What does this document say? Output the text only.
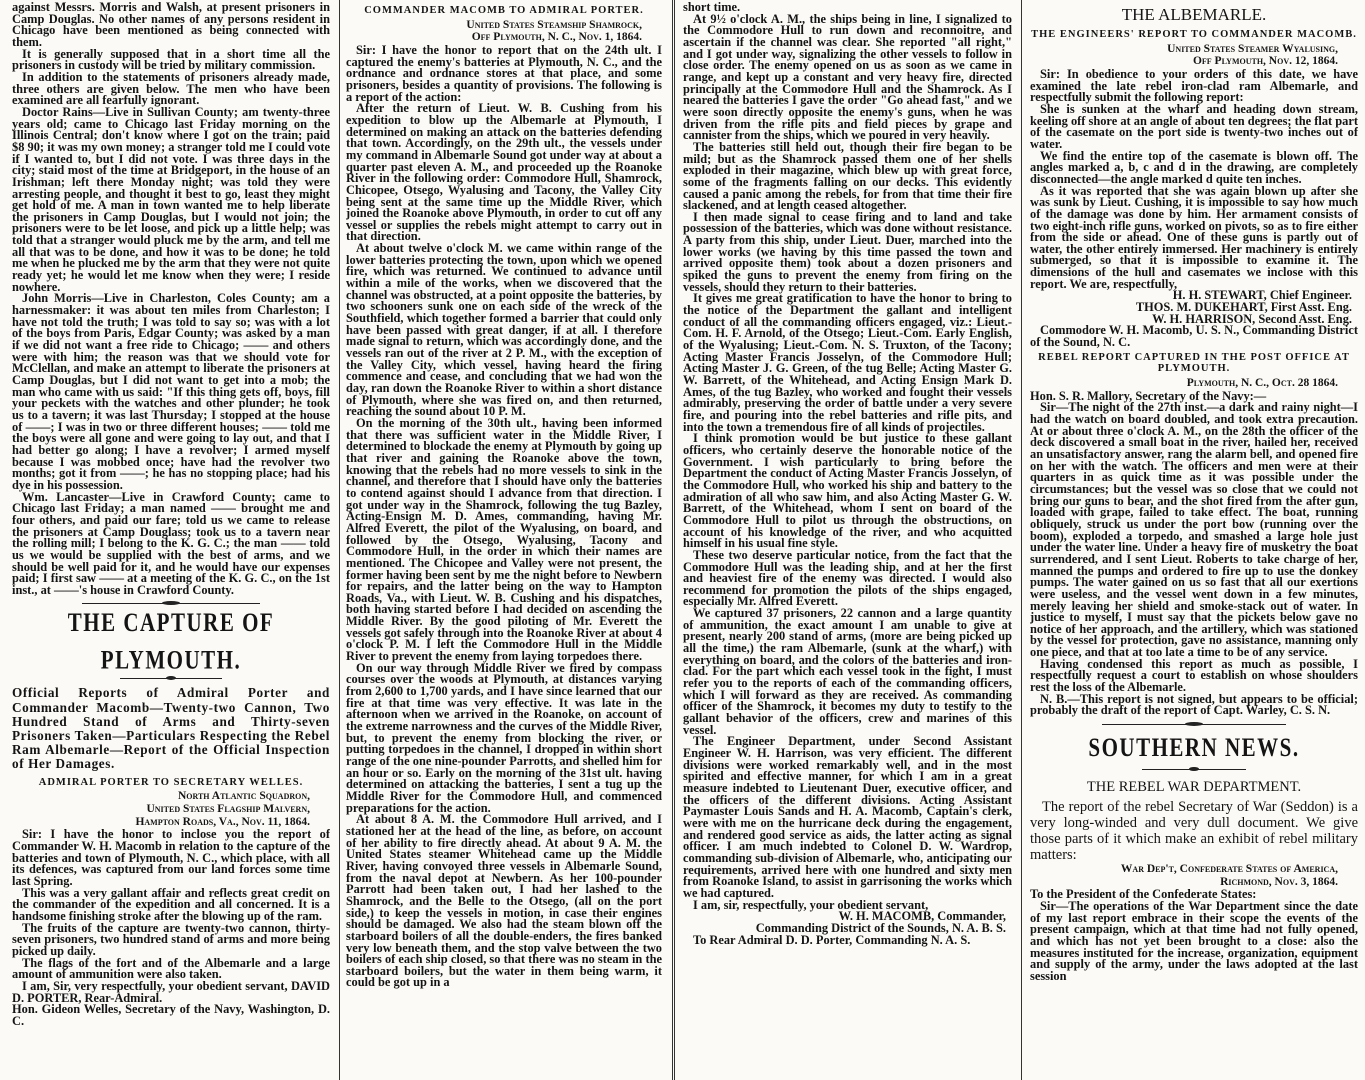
against Messrs. Morris and Walsh, at present prisoners in Camp Douglas. No other names of any persons resident in Chicago have been mentioned as being connected with them.
It is generally supposed that in a short time all the prisoners in custody will be tried by military commission.
In addition to the statements of prisoners already made, three others are given below. The men who have been examined are all fearfully ignorant.
Doctor Rains—Live in Sullivan County; am twenty-three years old; came to Chicago last Friday morning on the Illinois Central; don't know where I got on the train; paid $8 90; it was my own money; a stranger told me I could vote if I wanted to, but I did not vote. I was three days in the city; staid most of the time at Bridgeport, in the house of an Irishman; left there Monday night; was told they were arresting people, and thought it best to go, least they might get hold of me. A man in town wanted me to help liberate the prisoners in Camp Douglas, but I would not join; the prisoners were to be let loose, and pick up a little help; was told that a stranger would pluck me by the arm, and tell me all that was to be done, and how it was to be done; he told me when he plucked me by the arm that they were not quite ready yet; he would let me know when they were; I reside nowhere.
John Morris—Live in Charleston, Coles County; am a harnessmaker: it was about ten miles from Charleston; I have not told the truth; I was told to say so; was with a lot of the boys from Paris, Edgar County; was asked by a man if we did not want a free ride to Chicago; —— and others were with him; the reason was that we should vote for McClellan, and make an attempt to liberate the prisoners at Camp Douglas, but I did not want to get into a mob; the man who came with us said: "If this thing gets off, boys, fill your peckets with the watches and other plunder; he took us to a tavern; it was last Thursday; I stopped at the house of ——; I was in two or three different houses; —— told me the boys were all gone and were going to lay out, and that I had better go along; I have a revolver; I armed myself because I was mobbed once; have had the revolver two months; got it from ——; he has no stopping place; had his dye in his possession.
Wm. Lancaster—Live in Crawford County; came to Chicago last Friday; a man named —— brought me and four others, and paid our fare; told us we came to release the prisoners at Camp Douglass; took us to a tavern near the rolling mill; I belong to the K. G. C.; the man —— told us we would be supplied with the best of arms, and we should be well paid for it, and he would have our expenses paid; I first saw —— at a meeting of the K. G. C., on the 1st inst., at ——'s house in Crawford County.
THE CAPTURE OF PLYMOUTH.
Official Reports of Admiral Porter and Commander Macomb—Twenty-two Cannon, Two Hundred Stand of Arms and Thirty-seven Prisoners Taken—Particulars Respecting the Rebel Ram Albemarle—Report of the Official Inspection of Her Damages.
ADMIRAL PORTER TO SECRETARY WELLES.
North Atlantic Squadron,
United States Flagship Malvern,
Hampton Roads, Va., Nov. 11, 1864.
Sir: I have the honor to inclose you the report of Commander W. H. Macomb in relation to the capture of the batteries and town of Plymouth, N. C., which place, with all its defences, was captured from our land forces some time last Spring.
This was a very gallant affair and reflects great credit on the commander of the expedition and all concerned. It is a handsome finishing stroke after the blowing up of the ram.
The fruits of the capture are twenty-two cannon, thirty-seven prisoners, two hundred stand of arms and more being picked up daily.
The flags of the fort and of the Albemarle and a large amount of ammunition were also taken.
I am, Sir, very respectfully, your obedient servant, DAVID D. PORTER, Rear-Admiral.
Hon. Gideon Welles, Secretary of the Navy, Washington, D. C.
COMMANDER MACOMB TO ADMIRAL PORTER.
United States Steamship Shamrock,
Off Plymouth, N. C., Nov. 1, 1864.
Sir: I have the honor to report that on the 24th ult. I captured the enemy's batteries at Plymouth, N. C., and the ordnance and ordnance stores at that place, and some prisoners, besides a quantity of provisions. The following is a report of the action:
After the return of Lieut. W. B. Cushing from his expedition to blow up the Albemarle at Plymouth, I determined on making an attack on the batteries defending that town. Accordingly, on the 29th ult., the vessels under my command in Albemarle Sound got under way at about a quarter past eleven A. M., and proceeded up the Roanoke River in the following order: Commodore Hull, Shamrock, Chicopee, Otsego, Wyalusing and Tacony, the Valley City being sent at the same time up the Middle River, which joined the Roanoke above Plymouth, in order to cut off any vessel or supplies the rebels might attempt to carry out in that direction.
At about twelve o'clock M. we came within range of the lower batteries protecting the town, upon which we opened fire, which was returned. We continued to advance until within a mile of the works, when we discovered that the channel was obstructed, at a point opposite the batteries, by two schooners sunk one on each side of the wreck of the Southfield, which together formed a barrier that could only have been passed with great danger, if at all. I therefore made signal to return, which was accordingly done, and the vessels ran out of the river at 2 P. M., with the exception of the Valley City, which vessel, having heard the firing commence and cease, and concluding that we had won the day, ran down the Roanoke River to within a short distance of Plymouth, where she was fired on, and then returned, reaching the sound about 10 P. M.
On the morning of the 30th ult., having been informed that there was sufficient water in the Middle River, I determined to blockade the enemy at Plymouth by going up that river and gaining the Roanoke above the town, knowing that the rebels had no more vessels to sink in the channel, and therefore that I should have only the batteries to contend against should I advance from that direction. I got under way in the Shamrock, following the tug Bazley, Acting-Ensign M. D. Ames, commanding, having Mr. Alfred Everett, the pilot of the Wyalusing, on board, and followed by the Otsego, Wyalusing, Tacony and Commodore Hull, in the order in which their names are mentioned. The Chicopee and Valley were not present, the former having been sent by me the night before to Newbern for repairs, and the latter being on the way to Hampton Roads, Va., with Lieut. W. B. Cushing and his dispatches, both having started before I had decided on ascending the Middle River. By the good piloting of Mr. Everett the vessels got safely through into the Roanoke River at about 4 o'clock P. M. I left the Commodore Hull in the Middle River to prevent the enemy from laying torpedoes there.
On our way through Middle River we fired by compass courses over the woods at Plymouth, at distances varying from 2,600 to 1,700 yards, and I have since learned that our fire at that time was very effective. It was late in the afternoon when we arrived in the Roanoke, on account of the extreme narrowness and the curves of the Middle River, but, to prevent the enemy from blocking the river, or putting torpedoes in the channel, I dropped in within short range of the one nine-pounder Parrotts, and shelled him for an hour or so. Early on the morning of the 31st ult. having determined on attacking the batteries, I sent a tug up the Middle River for the Commodore Hull, and commenced preparations for the action.
At about 8 A. M. the Commodore Hull arrived, and I stationed her at the head of the line, as before, on account of her ability to fire directly ahead. At about 9 A. M. the United States steamer Whitehead came up the Middle River, having convoyed three vessels in Albemarle Sound, from the naval depot at Newbern. As her 100-pounder Parrott had been taken out, I had her lashed to the Shamrock, and the Belle to the Otsego, (all on the port side,) to keep the vessels in motion, in case their engines should be damaged. We also had the steam blown off the starboard boilers of all the double-enders, the fires banked very low beneath them, and the stop valve between the two boilers of each ship closed, so that there was no steam in the starboard boilers, but the water in them being warm, it could be got up in a
short time.
At 9½ o'clock A. M., the ships being in line, I signalized to the Commodore Hull to run down and reconnoitre, and ascertain if the channel was clear. She reported "all right," and I got under way, signalizing the other vessels to follow in close order. The enemy opened on us as soon as we came in range, and kept up a constant and very heavy fire, directed principally at the Commodore Hull and the Shamrock. As I neared the batteries I gave the order "Go ahead fast," and we were soon directly opposite the enemy's guns, when he was driven from the rifle pits and field pieces by grape and cannister from the ships, which we poured in very heavily.
The batteries still held out, though their fire began to be mild; but as the Shamrock passed them one of her shells exploded in their magazine, which blew up with great force, some of the fragments falling on our decks. This evidently caused a panic among the rebels, for from that time their fire slackened, and at length ceased altogether.
I then made signal to cease firing and to land and take possession of the batteries, which was done without resistance. A party from this ship, under Lieut. Duer, marched into the lower works (we having by this time passed the town and arrived opposite them) took about a dozen prisoners and spiked the guns to prevent the enemy from firing on the vessels, should they return to their batteries.
It gives me great gratification to have the honor to bring to the notice of the Department the gallant and intelligent conduct of all the commanding officers engaged, viz.: Lieut.-Com. H. F. Arnold, of the Otsego; Lieut.-Com. Early English, of the Wyalusing; Lieut.-Com. N. S. Truxton, of the Tacony; Acting Master Francis Josselyn, of the Commodore Hull; Acting Master J. G. Green, of the tug Belle; Acting Master G. W. Barrett, of the Whitehead, and Acting Ensign Mark D. Ames, of the tug Bazley, who worked and fought their vessels admirably, preserving the order of battle under a very severe fire, and pouring into the rebel batteries and rifle pits, and into the town a tremendous fire of all kinds of projectiles.
I think promotion would be but justice to these gallant officers, who certainly deserve the honorable notice of the Government. I wish particularly to bring before the Department the conduct of Acting Master Francis Josselyn, of the Commodore Hull, who worked his ship and battery to the admiration of all who saw him, and also Acting Master G. W. Barrett, of the Whitehead, whom I sent on board of the Commodore Hull to pilot us through the obstructions, on account of his knowledge of the river, and who acquitted himself in his usual fine style.
These two deserve particular notice, from the fact that the Commodore Hull was the leading ship, and at her the first and heaviest fire of the enemy was directed. I would also recommend for promotion the pilots of the ships engaged, especially Mr. Alfred Everett.
We captured 37 prisoners, 22 cannon and a large quantity of ammunition, the exact amount I am unable to give at present, nearly 200 stand of arms, (more are being picked up all the time,) the ram Albemarle, (sunk at the wharf,) with everything on board, and the colors of the batteries and iron-clad. For the part which each vessel took in the fight, I must refer you to the reports of each of the commanding officers, which I will forward as they are received. As commanding officer of the Shamrock, it becomes my duty to testify to the gallant behavior of the officers, crew and marines of this vessel.
The Engineer Department, under Second Assistant Engineer W. H. Harrison, was very efficient. The different divisions were worked remarkably well, and in the most spirited and effective manner, for which I am in a great measure indebted to Lieutenant Duer, executive officer, and the officers of the different divisions. Acting Assistant Paymaster Louis Sands and H. A. Macomb, Captain's clerk, were with me on the hurricane deck during the engagement, and rendered good service as aids, the latter acting as signal officer. I am much indebted to Colonel D. W. Wardrop, commanding sub-division of Albemarle, who, anticipating our requirements, arrived here with one hundred and sixty men from Roanoke Island, to assist in garrisoning the works which we had captured.
I am, sir, respectfully, your obedient servant,
W. H. MACOMB, Commander,
Commanding District of the Sounds, N. A. B. S.
To Rear Admiral D. D. Porter, Commanding N. A. S.
THE ALBEMARLE.
THE ENGINEERS' REPORT TO COMMANDER MACOMB.
United States Steamer Wyalusing,
Off Plymouth, Nov. 12, 1864.
Sir: In obedience to your orders of this date, we have examined the late rebel iron-clad ram Albemarle, and respectfully submit the following report:
She is sunken at the wharf and heading down stream, keeling off shore at an angle of about ten degrees; the flat part of the casemate on the port side is twenty-two inches out of water.
We find the entire top of the casemate is blown off. The angles marked a, b, c and d in the drawing, are completely disconnected—the angle marked d quite ten inches.
As it was reported that she was again blown up after she was sunk by Lieut. Cushing, it is impossible to say how much of the damage was done by him. Her armament consists of two eight-inch rifle guns, worked on pivots, so as to fire either from the side or ahead. One of these guns is partly out of water, the other entirely immersed. Her machinery is entirely submerged, so that it is impossible to examine it. The dimensions of the hull and casemates we inclose with this report. We are, respectfully,
H. H. STEWART, Chief Engineer.
THOS. M. DUKEHART, First Asst. Eng.
W. H. HARRISON, Second Asst. Eng.
Commodore W. H. Macomb, U. S. N., Commanding District of the Sound, N. C.
REBEL REPORT CAPTURED IN THE POST OFFICE AT PLYMOUTH.
Plymouth, N. C., Oct. 28 1864.
Hon. S. R. Mallory, Secretary of the Navy:—
Sir—The night of the 27th inst.—a dark and rainy night—I had the watch on board doubled, and took extra precaution. At or about three o'clock A. M., on the 28th the officer of the deck discovered a small boat in the river, hailed her, received an unsatisfactory answer, rang the alarm bell, and opened fire on her with the watch. The officers and men were at their quarters in as quick time as it was possible under the circumstances; but the vessel was so close that we could not bring our guns to bear, and the shot fired from the after gun, loaded with grape, failed to take effect. The boat, running obliquely, struck us under the port bow (running over the boom), exploded a torpedo, and smashed a large hole just under the water line. Under a heavy fire of musketry the boat surrendered, and I sent Lieut. Roberts to take charge of her, manned the pumps and ordered to fire up to use the donkey pumps. The water gained on us so fast that all our exertions were useless, and the vessel went down in a few minutes, merely leaving her shield and smoke-stack out of water. In justice to myself, I must say that the pickets below gave no notice of her approach, and the artillery, which was stationed by the vessel for protection, gave no assistance, manning only one piece, and that at too late a time to be of any service.
Having condensed this report as much as possible, I respectfully request a court to establish on whose shoulders rest the loss of the Albemarle.
N. B.—This report is not signed, but appears to be official; probably the draft of the report of Capt. Warley, C. S. N.
SOUTHERN NEWS.
THE REBEL WAR DEPARTMENT.
The report of the rebel Secretary of War (Seddon) is a very long-winded and very dull document. We give those parts of it which make an exhibit of rebel military matters:
War Dep't, Confederate States of America,
Richmond, Nov. 3, 1864.
To the President of the Confederate States:
Sir—The operations of the War Department since the date of my last report embrace in their scope the events of the present campaign, which at that time had not fully opened, and which has not yet been brought to a close: also the measures instituted for the increase, organization, equipment and supply of the army, under the laws adopted at the last session
